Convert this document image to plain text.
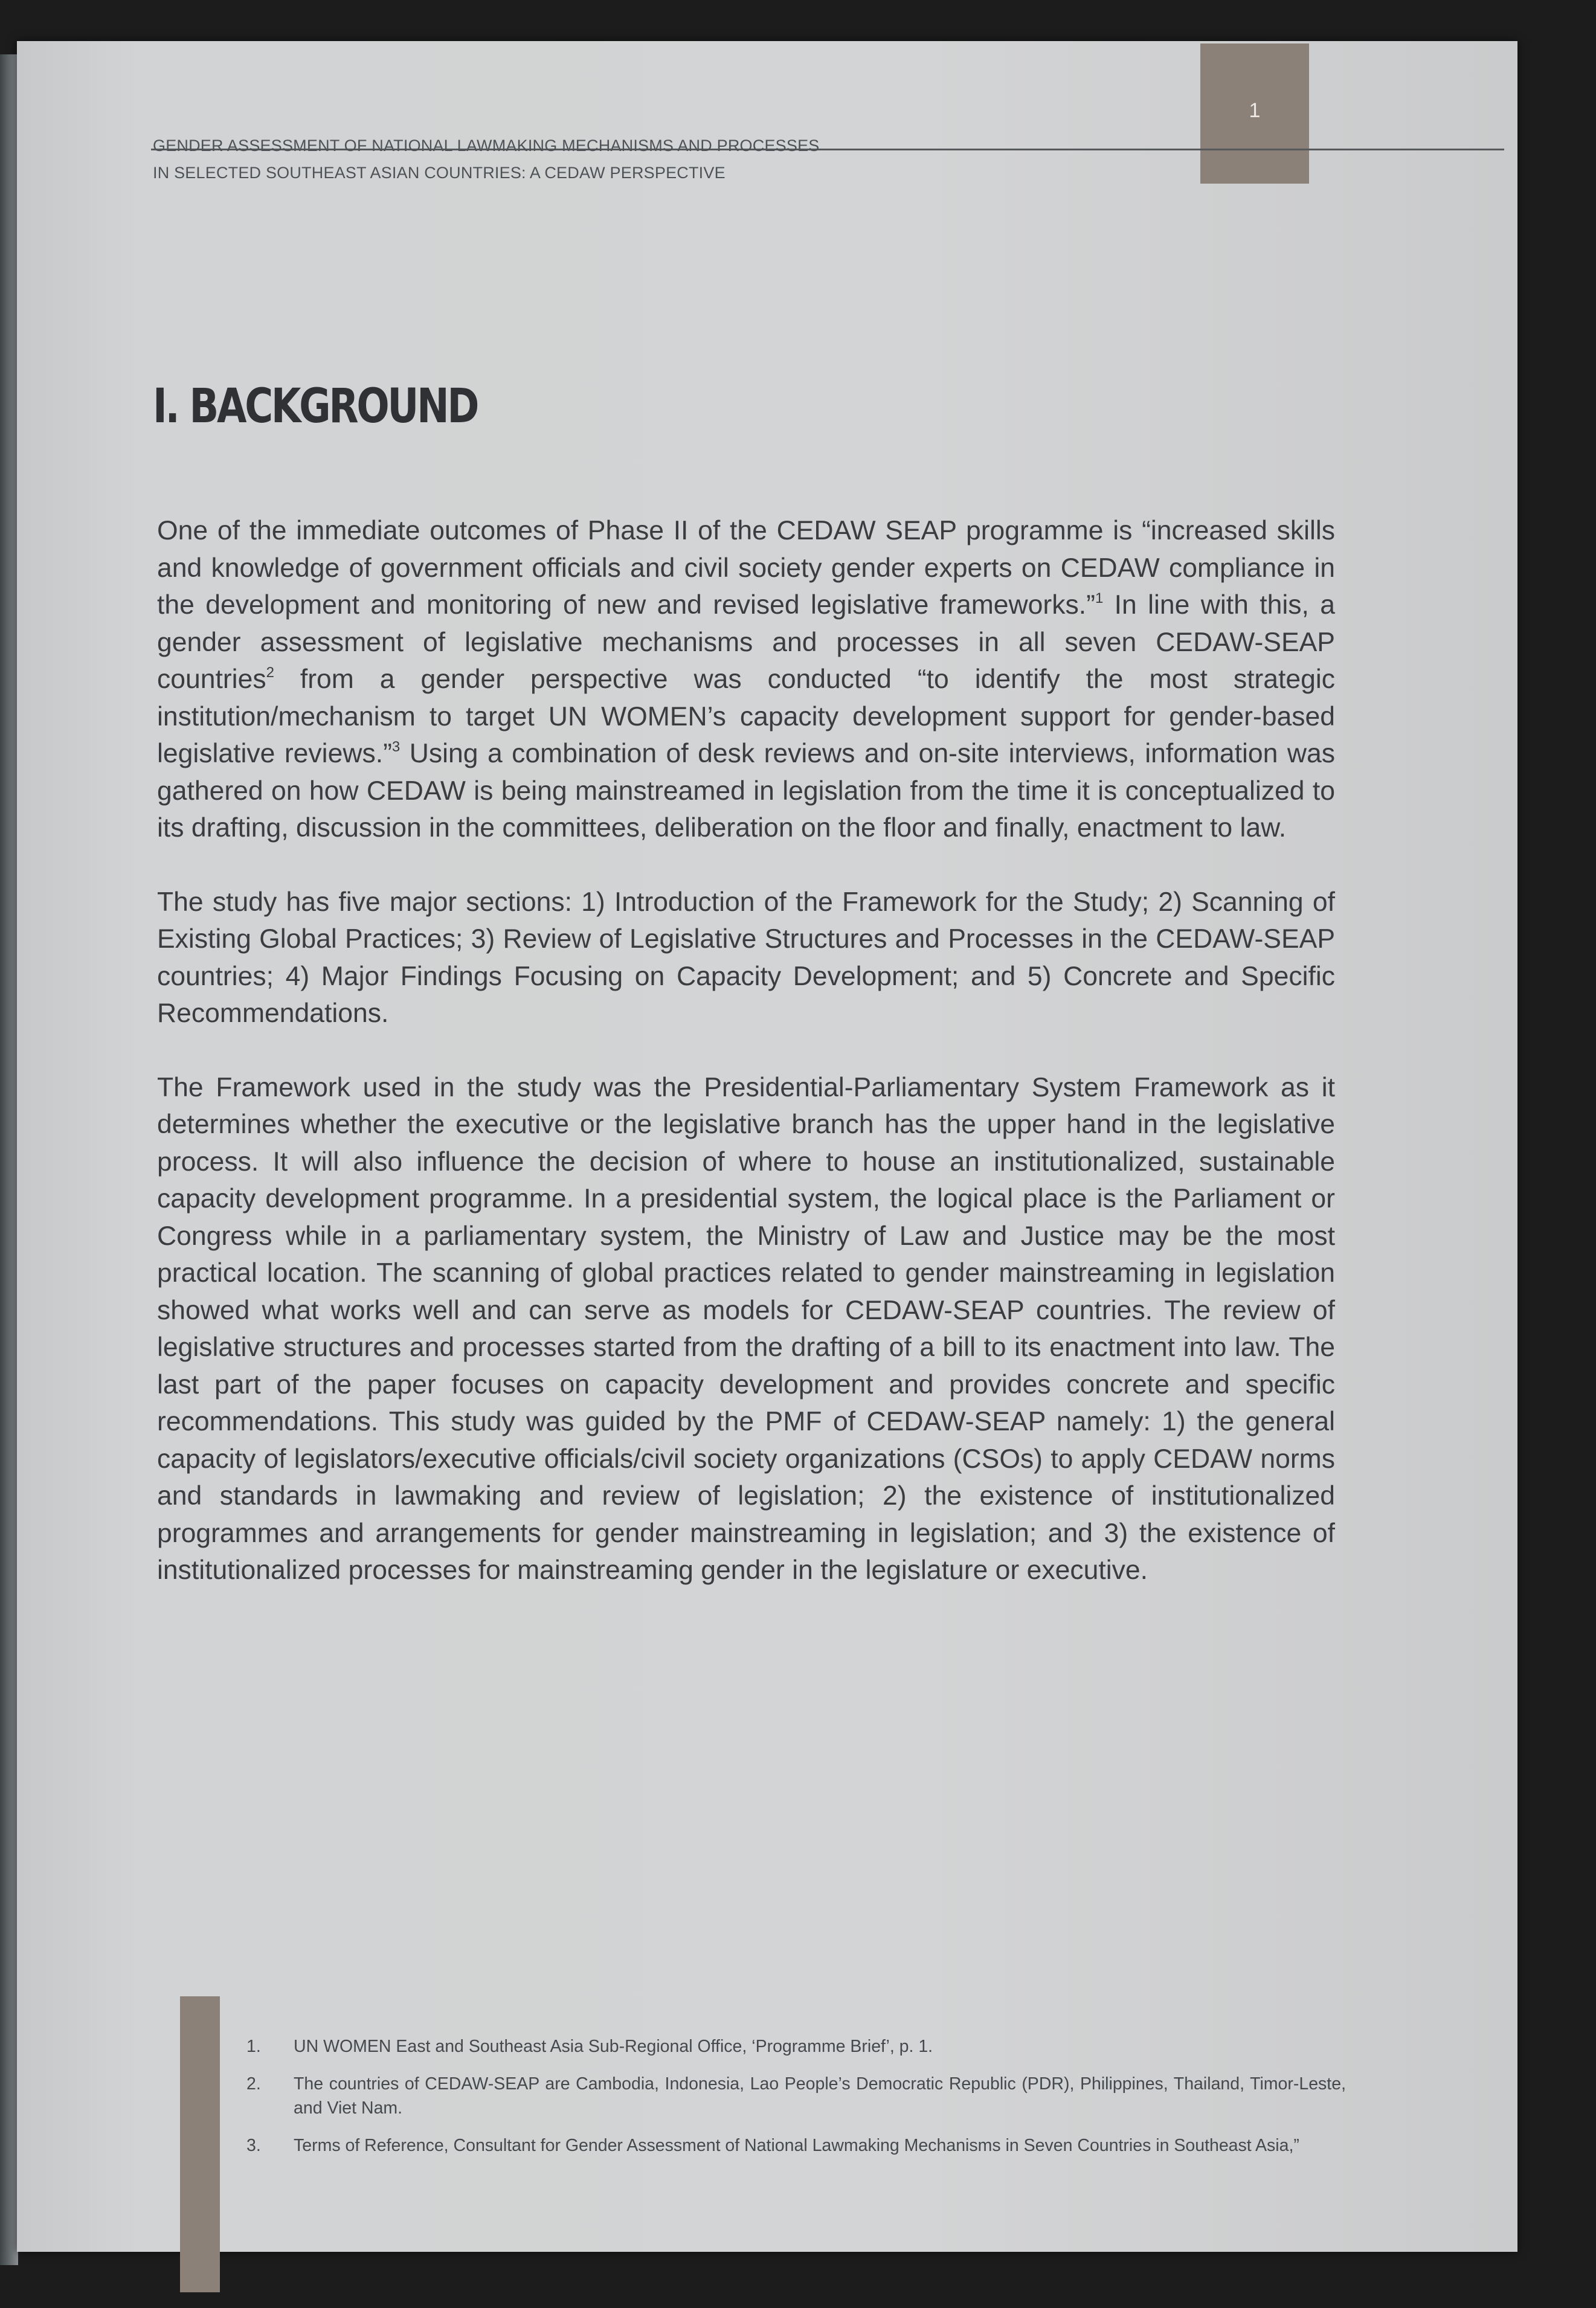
1
GENDER ASSESSMENT OF NATIONAL LAWMAKING MECHANISMS AND PROCESSES
IN SELECTED SOUTHEAST ASIAN COUNTRIES: A CEDAW PERSPECTIVE
I. BACKGROUND

One of the immediate outcomes of Phase II of the CEDAW SEAP programme is “increased skills and knowledge of government officials and civil society gender experts on CEDAW compliance in the development and monitoring of new and revised legislative frameworks.”$^1$ In line with this, a gender assessment of legislative mechanisms and processes in all seven CEDAW-SEAP countries$^2$ from a gender perspective was conducted “to identify the most strategic institution/mechanism to target UN WOMEN’s capacity development support for gender-based legislative reviews.”$^3$ Using a combination of desk reviews and on-site interviews, information was gathered on how CEDAW is being mainstreamed in legislation from the time it is conceptualized to its drafting, discussion in the committees, deliberation on the floor and finally, enactment to law.

The study has five major sections: 1) Introduction of the Framework for the Study; 2) Scanning of Existing Global Practices; 3) Review of Legislative Structures and Processes in the CEDAW-SEAP countries; 4) Major Findings Focusing on Capacity Development; and 5) Concrete and Specific Recommendations.

The Framework used in the study was the Presidential-Parliamentary System Framework as it determines whether the executive or the legislative branch has the upper hand in the legislative process. It will also influence the decision of where to house an institutionalized, sustainable capacity development programme. In a presidential system, the logical place is the Parliament or Congress while in a parliamentary system, the Ministry of Law and Justice may be the most practical location. The scanning of global practices related to gender mainstreaming in legislation showed what works well and can serve as models for CEDAW-SEAP countries. The review of legislative structures and processes started from the drafting of a bill to its enactment into law. The last part of the paper focuses on capacity development and provides concrete and specific recommendations. This study was guided by the PMF of CEDAW-SEAP namely: 1) the general capacity of legislators/executive officials/civil society organizations (CSOs) to apply CEDAW norms and standards in lawmaking and review of legislation; 2) the existence of institutionalized programmes and arrangements for gender mainstreaming in legislation; and 3) the existence of institutionalized processes for mainstreaming gender in the legislature or executive.

1.	UN WOMEN East and Southeast Asia Sub-Regional Office, ‘Programme Brief’, p. 1.
2.	The countries of CEDAW-SEAP are Cambodia, Indonesia, Lao People’s Democratic Republic (PDR), Philippines, Thailand, Timor-Leste, and Viet Nam.
3.	Terms of Reference, Consultant for Gender Assessment of National Lawmaking Mechanisms in Seven Countries in Southeast Asia,”
